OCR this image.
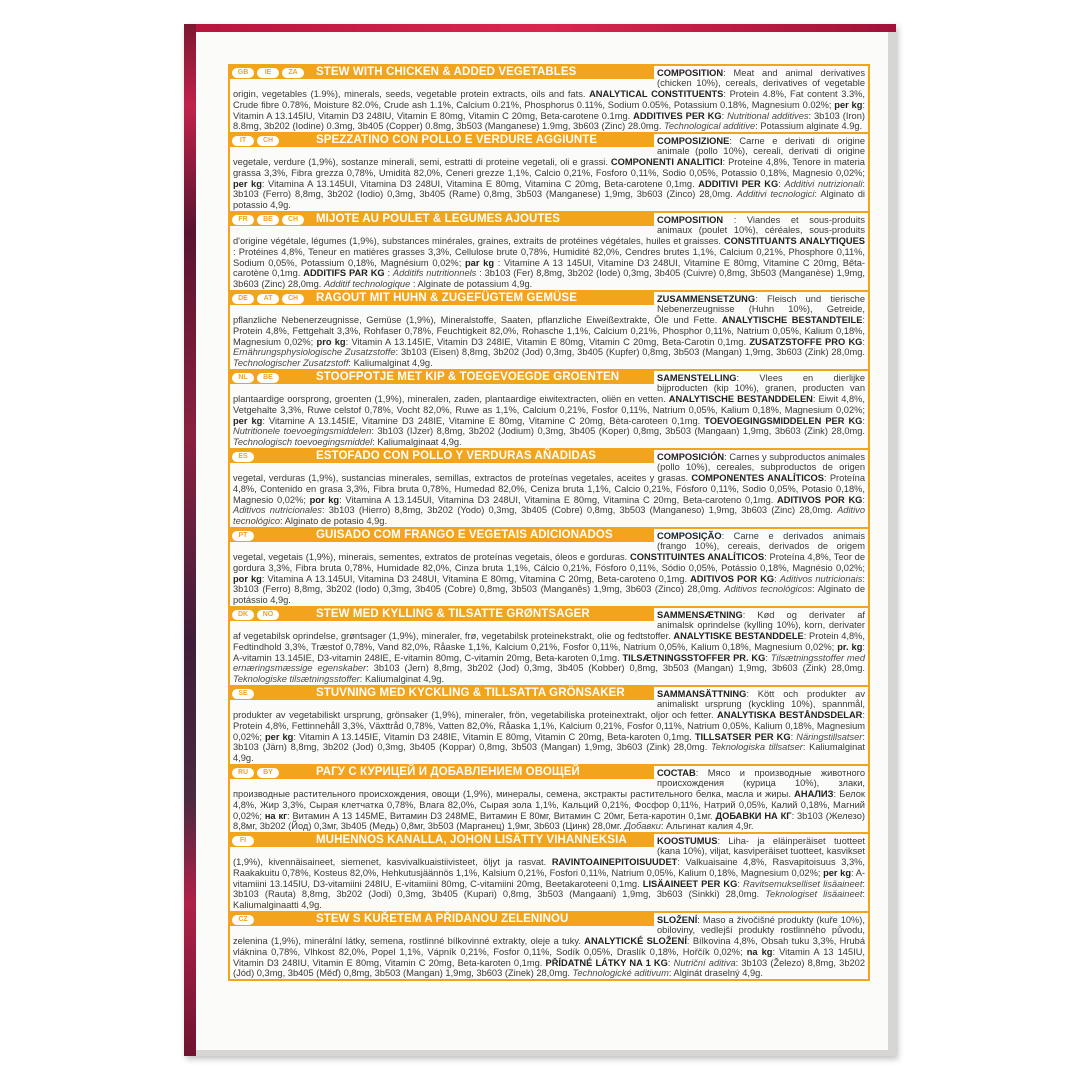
GB	IE	ZA	STEW WITH CHICKEN & ADDED VEGETABLES	COMPOSITION: Meat and animal derivatives (chicken 10%), cereals, derivatives of vegetable origin, vegetables (1.9%), minerals, seeds, vegetable protein extracts, oils and fats. ANALYTICAL CONSTITUENTS: Protein 4.8%, Fat content 3.3%, Crude fibre 0.78%, Moisture 82.0%, Crude ash 1.1%, Calcium 0.21%, Phosphorus 0.11%, Sodium 0.05%, Potassium 0.18%, Magnesium 0.02%; per kg: Vitamin A 13.145IU, Vitamin D3 248IU, Vitamin E 80mg, Vitamin C 20mg, Beta-carotene 0.1mg. ADDITIVES PER KG: Nutritional additives: 3b103 (Iron) 8.8mg, 3b202 (Iodine) 0.3mg, 3b405 (Copper) 0.8mg, 3b503 (Manganese) 1.9mg, 3b603 (Zinc) 28.0mg. Technological additive: Potassium alginate 4.9g.
IT	CH	SPEZZATINO CON POLLO E VERDURE AGGIUNTE	COMPOSIZIONE: Carne e derivati di origine animale (pollo 10%), cereali, derivati di origine vegetale, verdure (1,9%), sostanze minerali, semi, estratti di proteine vegetali, oli e grassi. COMPONENTI ANALITICI: Proteine 4,8%, Tenore in materia grassa 3,3%, Fibra grezza 0,78%, Umidità 82,0%, Ceneri grezze 1,1%, Calcio 0,21%, Fosforo 0,11%, Sodio 0,05%, Potassio 0,18%, Magnesio 0,02%; per kg: Vitamina A 13.145UI, Vitamina D3 248UI, Vitamina E 80mg, Vitamina C 20mg, Beta-carotene 0,1mg. ADDITIVI PER KG: Additivi nutrizionali: 3b103 (Ferro) 8,8mg, 3b202 (Iodio) 0,3mg, 3b405 (Rame) 0,8mg, 3b503 (Manganese) 1,9mg, 3b603 (Zinco) 28,0mg. Additivi tecnologici: Alginato di potassio 4,9g.
FR	BE	CH	MIJOTE AU POULET & LEGUMES AJOUTES	COMPOSITION : Viandes et sous-produits animaux (poulet 10%), céréales, sous-produits d'origine végétale, légumes (1,9%), substances minérales, graines, extraits de protéines végétales, huiles et graisses. CONSTITUANTS ANALYTIQUES : Protéines 4,8%, Teneur en matières grasses 3,3%, Cellulose brute 0,78%, Humidité 82,0%, Cendres brutes 1,1%, Calcium 0,21%, Phosphore 0,11%, Sodium 0,05%, Potassium 0,18%, Magnésium 0,02%; par kg : Vitamine A 13 145UI, Vitamine D3 248UI, Vitamine E 80mg, Vitamine C 20mg, Bêta-carotène 0,1mg. ADDITIFS PAR KG : Additifs nutritionnels : 3b103 (Fer) 8,8mg, 3b202 (Iode) 0,3mg, 3b405 (Cuivre) 0,8mg, 3b503 (Manganèse) 1,9mg, 3b603 (Zinc) 28,0mg. Additif technologique : Alginate de potassium 4,9g.
DE	AT	CH	RAGOUT MIT HUHN & ZUGEFÜGTEM GEMÜSE	ZUSAMMENSETZUNG: Fleisch und tierische Nebenerzeugnisse (Huhn 10%), Getreide, pflanzliche Nebenerzeugnisse, Gemüse (1,9%), Mineralstoffe, Saaten, pflanzliche Eiweißextrakte, Öle und Fette. ANALYTISCHE BESTANDTEILE: Protein 4,8%, Fettgehalt 3,3%, Rohfaser 0,78%, Feuchtigkeit 82,0%, Rohasche 1,1%, Calcium 0,21%, Phosphor 0,11%, Natrium 0,05%, Kalium 0,18%, Magnesium 0,02%; pro kg: Vitamin A 13.145IE, Vitamin D3 248IE, Vitamin E 80mg, Vitamin C 20mg, Beta-Carotin 0,1mg. ZUSATZSTOFFE PRO KG: Ernährungsphysiologische Zusatzstoffe: 3b103 (Eisen) 8,8mg, 3b202 (Jod) 0,3mg, 3b405 (Kupfer) 0,8mg, 3b503 (Mangan) 1,9mg, 3b603 (Zink) 28,0mg. Technologischer Zusatzstoff: Kaliumalginat 4,9g.
NL	BE	STOOFPOTJE MET KIP & TOEGEVOEGDE GROENTEN	SAMENSTELLING: Vlees en dierlijke bijproducten (kip 10%), granen, producten van plantaardige oorsprong, groenten (1,9%), mineralen, zaden, plantaardige eiwitextracten, oliën en vetten. ANALYTISCHE BESTANDDELEN: Eiwit 4,8%, Vetgehalte 3,3%, Ruwe celstof 0,78%, Vocht 82,0%, Ruwe as 1,1%, Calcium 0,21%, Fosfor 0,11%, Natrium 0,05%, Kalium 0,18%, Magnesium 0,02%; per kg: Vitamine A 13.145IE, Vitamine D3 248IE, Vitamine E 80mg, Vitamine C 20mg, Bèta-caroteen 0,1mg. TOEVOEGINGSMIDDELEN PER KG: Nutritionele toevoegingsmiddelen: 3b103 (IJzer) 8,8mg, 3b202 (Jodium) 0,3mg, 3b405 (Koper) 0,8mg, 3b503 (Mangaan) 1,9mg, 3b603 (Zink) 28,0mg. Technologisch toevoegingsmiddel: Kaliumalginaat 4,9g.
ES	ESTOFADO CON POLLO Y VERDURAS AÑADIDAS	COMPOSICIÓN: Carnes y subproductos animales (pollo 10%), cereales, subproductos de origen vegetal, verduras (1,9%), sustancias minerales, semillas, extractos de proteínas vegetales, aceites y grasas. COMPONENTES ANALÍTICOS: Proteína 4,8%, Contenido en grasa 3,3%, Fibra bruta 0,78%, Humedad 82,0%, Ceniza bruta 1,1%, Calcio 0,21%, Fósforo 0,11%, Sodio 0,05%, Potasio 0,18%, Magnesio 0,02%; por kg: Vitamina A 13.145UI, Vitamina D3 248UI, Vitamina E 80mg, Vitamina C 20mg, Beta-caroteno 0,1mg. ADITIVOS POR KG: Aditivos nutricionales: 3b103 (Hierro) 8,8mg, 3b202 (Yodo) 0,3mg, 3b405 (Cobre) 0,8mg, 3b503 (Manganeso) 1,9mg, 3b603 (Zinc) 28,0mg. Aditivo tecnológico: Alginato de potasio 4,9g.
PT	GUISADO COM FRANGO E VEGETAIS ADICIONADOS	COMPOSIÇÃO: Carne e derivados animais (frango 10%), cereais, derivados de origem vegetal, vegetais (1,9%), minerais, sementes, extratos de proteínas vegetais, óleos e gorduras. CONSTITUINTES ANALÍTICOS: Proteína 4,8%, Teor de gordura 3,3%, Fibra bruta 0,78%, Humidade 82,0%, Cinza bruta 1,1%, Cálcio 0,21%, Fósforo 0,11%, Sódio 0,05%, Potássio 0,18%, Magnésio 0,02%; por kg: Vitamina A 13.145UI, Vitamina D3 248UI, Vitamina E 80mg, Vitamina C 20mg, Beta-caroteno 0,1mg. ADITIVOS POR KG: Aditivos nutricionais: 3b103 (Ferro) 8,8mg, 3b202 (Iodo) 0,3mg, 3b405 (Cobre) 0,8mg, 3b503 (Manganês) 1,9mg, 3b603 (Zinco) 28,0mg. Aditivos tecnológicos: Alginato de potássio 4,9g.
DK	NO	STEW MED KYLLING & TILSATTE GRØNTSAGER	SAMMENSÆTNING: Kød og derivater af animalsk oprindelse (kylling 10%), korn, derivater af vegetabilsk oprindelse, grøntsager (1,9%), mineraler, frø, vegetabilsk proteinekstrakt, olie og fedtstoffer. ANALYTISKE BESTANDDELE: Protein 4,8%, Fedtindhold 3,3%, Træstof 0,78%, Vand 82,0%, Råaske 1,1%, Kalcium 0,21%, Fosfor 0,11%, Natrium 0,05%, Kalium 0,18%, Magnesium 0,02%; pr. kg: A-vitamin 13.145IE, D3-vitamin 248IE, E-vitamin 80mg, C-vitamin 20mg, Beta-karoten 0,1mg. TILSÆTNINGSSTOFFER PR. KG: Tilsætningsstoffer med ernæringsmæssige egenskaber: 3b103 (Jern) 8,8mg, 3b202 (Jod) 0,3mg, 3b405 (Kobber) 0,8mg, 3b503 (Mangan) 1,9mg, 3b603 (Zink) 28,0mg. Teknologiske tilsætningsstoffer: Kaliumalginat 4,9g.
SE	STUVNING MED KYCKLING & TILLSATTA GRÖNSAKER	SAMMANSÄTTNING: Kött och produkter av animaliskt ursprung (kyckling 10%), spannmål, produkter av vegetabiliskt ursprung, grönsaker (1,9%), mineraler, frön, vegetabiliska proteinextrakt, oljor och fetter. ANALYTISKA BESTÅNDSDELAR: Protein 4,8%, Fettinnehåll 3,3%, Växttråd 0,78%, Vatten 82,0%, Råaska 1,1%, Kalcium 0,21%, Fosfor 0,11%, Natrium 0,05%, Kalium 0,18%, Magnesium 0,02%; per kg: Vitamin A 13.145IE, Vitamin D3 248IE, Vitamin E 80mg, Vitamin C 20mg, Beta-karoten 0,1mg. TILLSATSER PER KG: Näringstillsatser: 3b103 (Järn) 8,8mg, 3b202 (Jod) 0,3mg, 3b405 (Koppar) 0,8mg, 3b503 (Mangan) 1,9mg, 3b603 (Zink) 28,0mg. Teknologiska tillsatser: Kaliumalginat 4,9g.
RU	BY	РАГУ С КУРИЦЕЙ И ДОБАВЛЕНИЕМ ОВОЩЕЙ	СОСТАВ: Мясо и производные животного происхождения (курица 10%), злаки, производные растительного происхождения, овощи (1,9%), минералы, семена, экстракты растительного белка, масла и жиры. АНАЛИЗ: Белок 4,8%, Жир 3,3%, Сырая клетчатка 0,78%, Влага 82,0%, Сырая зола 1,1%, Кальций 0,21%, Фосфор 0,11%, Натрий 0,05%, Калий 0,18%, Магний 0,02%; на кг: Витамин А 13 145МЕ, Витамин D3 248МЕ, Витамин Е 80мг, Витамин С 20мг, Бета-каротин 0,1мг. ДОБАВКИ НА КГ: 3b103 (Железо) 8,8мг, 3b202 (Йод) 0,3мг, 3b405 (Медь) 0,8мг, 3b503 (Марганец) 1,9мг, 3b603 (Цинк) 28,0мг. Добавки: Альгинат калия 4,9г.
FI	MUHENNOS KANALLA, JOHON LISÄTTY VIHANNEKSIA	KOOSTUMUS: Liha- ja eläinperäiset tuotteet (kana 10%), viljat, kasviperäiset tuotteet, kasvikset (1,9%), kivennäisaineet, siemenet, kasvivalkuaistiivisteet, öljyt ja rasvat. RAVINTOAINEPITOISUUDET: Valkuaisaine 4,8%, Rasvapitoisuus 3,3%, Raakakuitu 0,78%, Kosteus 82,0%, Hehkutusjäännös 1,1%, Kalsium 0,21%, Fosfori 0,11%, Natrium 0,05%, Kalium 0,18%, Magnesium 0,02%; per kg: A-vitamiini 13.145IU, D3-vitamiini 248IU, E-vitamiini 80mg, C-vitamiini 20mg, Beetakaroteeni 0,1mg. LISÄAINEET PER KG: Ravitsemukselliset lisäaineet: 3b103 (Rauta) 8,8mg, 3b202 (Jodi) 0,3mg, 3b405 (Kupari) 0,8mg, 3b503 (Mangaani) 1,9mg, 3b603 (Sinkki) 28,0mg. Teknologiset lisäaineet: Kaliumalginaatti 4,9g.
CZ	STEW S KUŘETEM A PŘIDANOU ZELENINOU	SLOŽENÍ: Maso a živočišné produkty (kuře 10%), obiloviny, vedlejší produkty rostlinného původu, zelenina (1,9%), minerální látky, semena, rostlinné bílkovinné extrakty, oleje a tuky. ANALYTICKÉ SLOŽENÍ: Bílkovina 4,8%, Obsah tuku 3,3%, Hrubá vláknina 0,78%, Vlhkost 82,0%, Popel 1,1%, Vápník 0,21%, Fosfor 0,11%, Sodík 0,05%, Draslík 0,18%, Hořčík 0,02%; na kg: Vitamin A 13 145IU, Vitamin D3 248IU, Vitamin E 80mg, Vitamin C 20mg, Beta-karoten 0,1mg. PŘÍDATNÉ LÁTKY NA 1 KG: Nutriční aditiva: 3b103 (Železo) 8,8mg, 3b202 (Jód) 0,3mg, 3b405 (Měď) 0,8mg, 3b503 (Mangan) 1,9mg, 3b603 (Zinek) 28,0mg. Technologické aditivum: Alginát draselný 4,9g.
